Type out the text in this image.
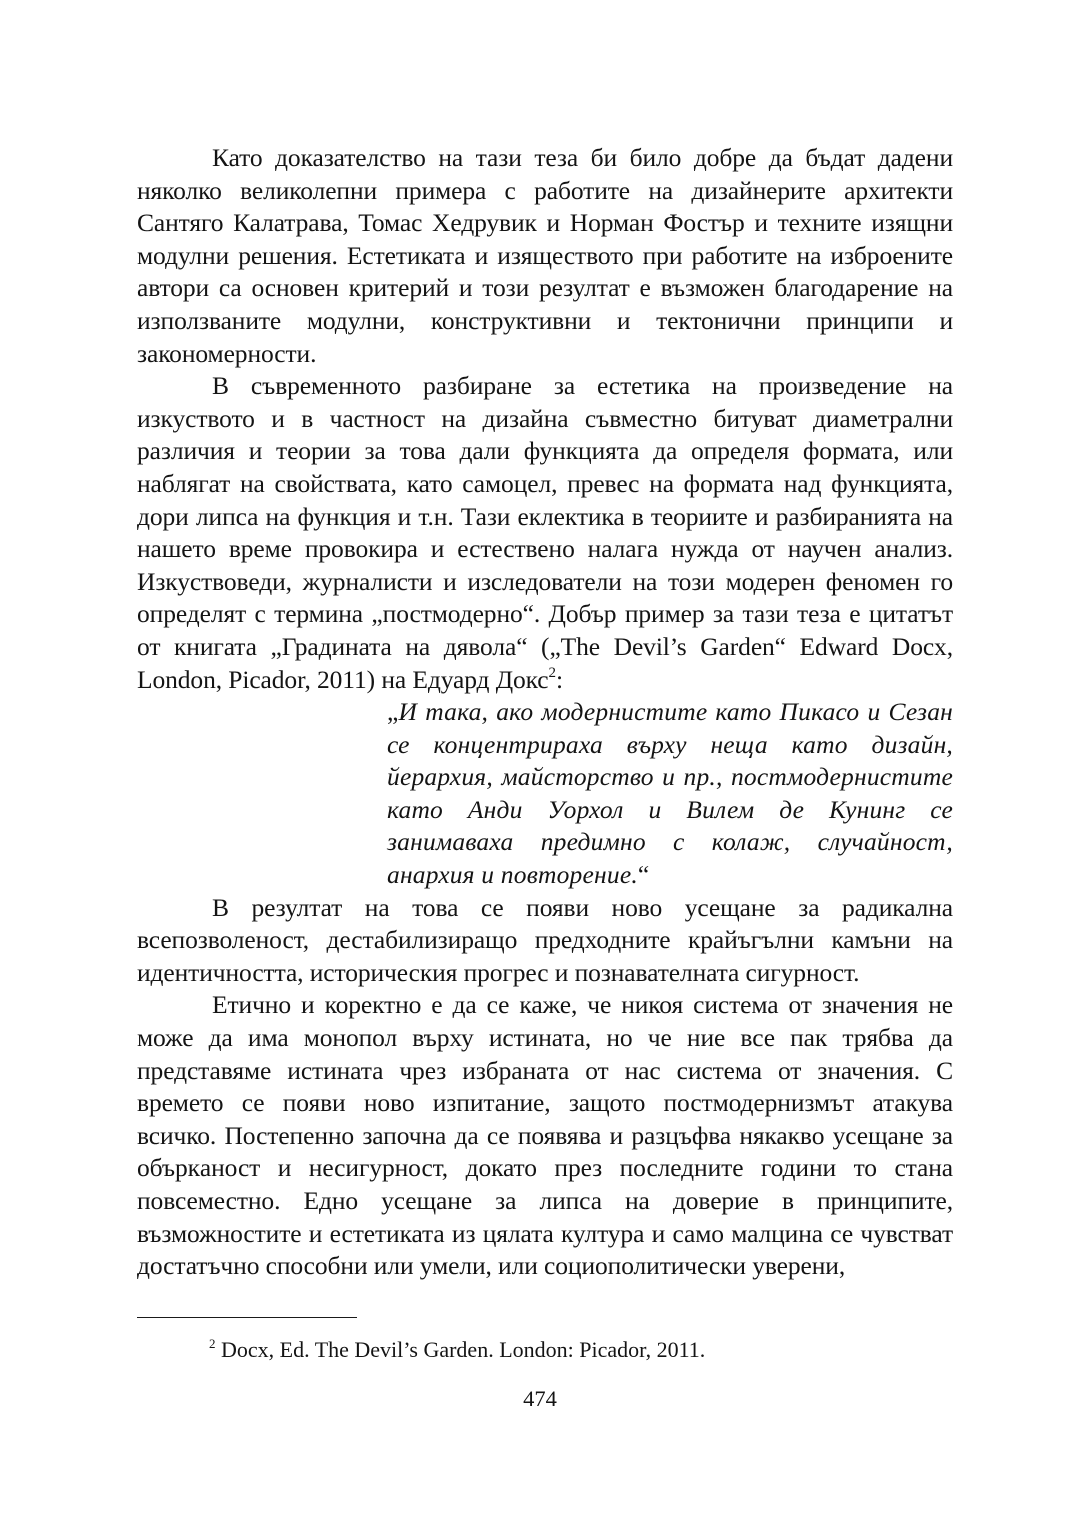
Като доказателство на тази теза би било добре да бъдат дадени няколко великолепни примера с работите на дизайнерите архитекти Сантяго Калатрава, Томас Хедрувик и Норман Фостър и техните изящни модулни решения. Естетиката и изяществото при работите на изброените автори са основен критерий и този резултат е възможен благодарение на използваните модулни, конструктивни и тектонични принципи и закономерности.

В съвременното разбиране за естетика на произведение на изкуството и в частност на дизайна съвместно битуват диаметрални различия и теории за това дали функцията да определя формата, или наблягат на свойствата, като самоцел, превес на формата над функцията, дори липса на функция и т.н. Тази еклектика в теориите и разбиранията на нашето време провокира и естествено налага нужда от научен анализ. Изкуствоведи, журналисти и изследователи на този модерен феномен го определят с термина „постмодерно“. Добър пример за тази теза е цитатът от книгата „Градината на дявола“ („The Devil’s Garden“ Edward Docx, London, Picador, 2011) на Едуард Докс$^2$:

„И така, ако модернистите като Пикасо и Сезан се концентрираха върху неща като дизайн, йерархия, майсторство и пр., постмодернистите като Анди Уорхол и Вилем де Кунинг се занимаваха предимно с колаж, случайност, анархия и повторение.“

В резултат на това се появи ново усещане за радикална всепозволеност, дестабилизиращо предходните крайъгълни камъни на идентичността, историческия прогрес и познавателната сигурност.

Етично и коректно е да се каже, че никоя система от значения не може да има монопол върху истината, но че ние все пак трябва да представяме истината чрез избраната от нас система от значения. С времето се появи ново изпитание, защото постмодернизмът атакува всичко. Постепенно започна да се появява и разцъфва някакво усещане за объркaност и несигурност, докато през последните години то стана повсеместно. Едно усещане за липса на доверие в принципите, възможностите и естетиката из цялата култура и само малцина се чувстват достатъчно способни или умели, или социополитически уверени,

$^2$ Docx, Ed. The Devil’s Garden. London: Picador, 2011.

474
